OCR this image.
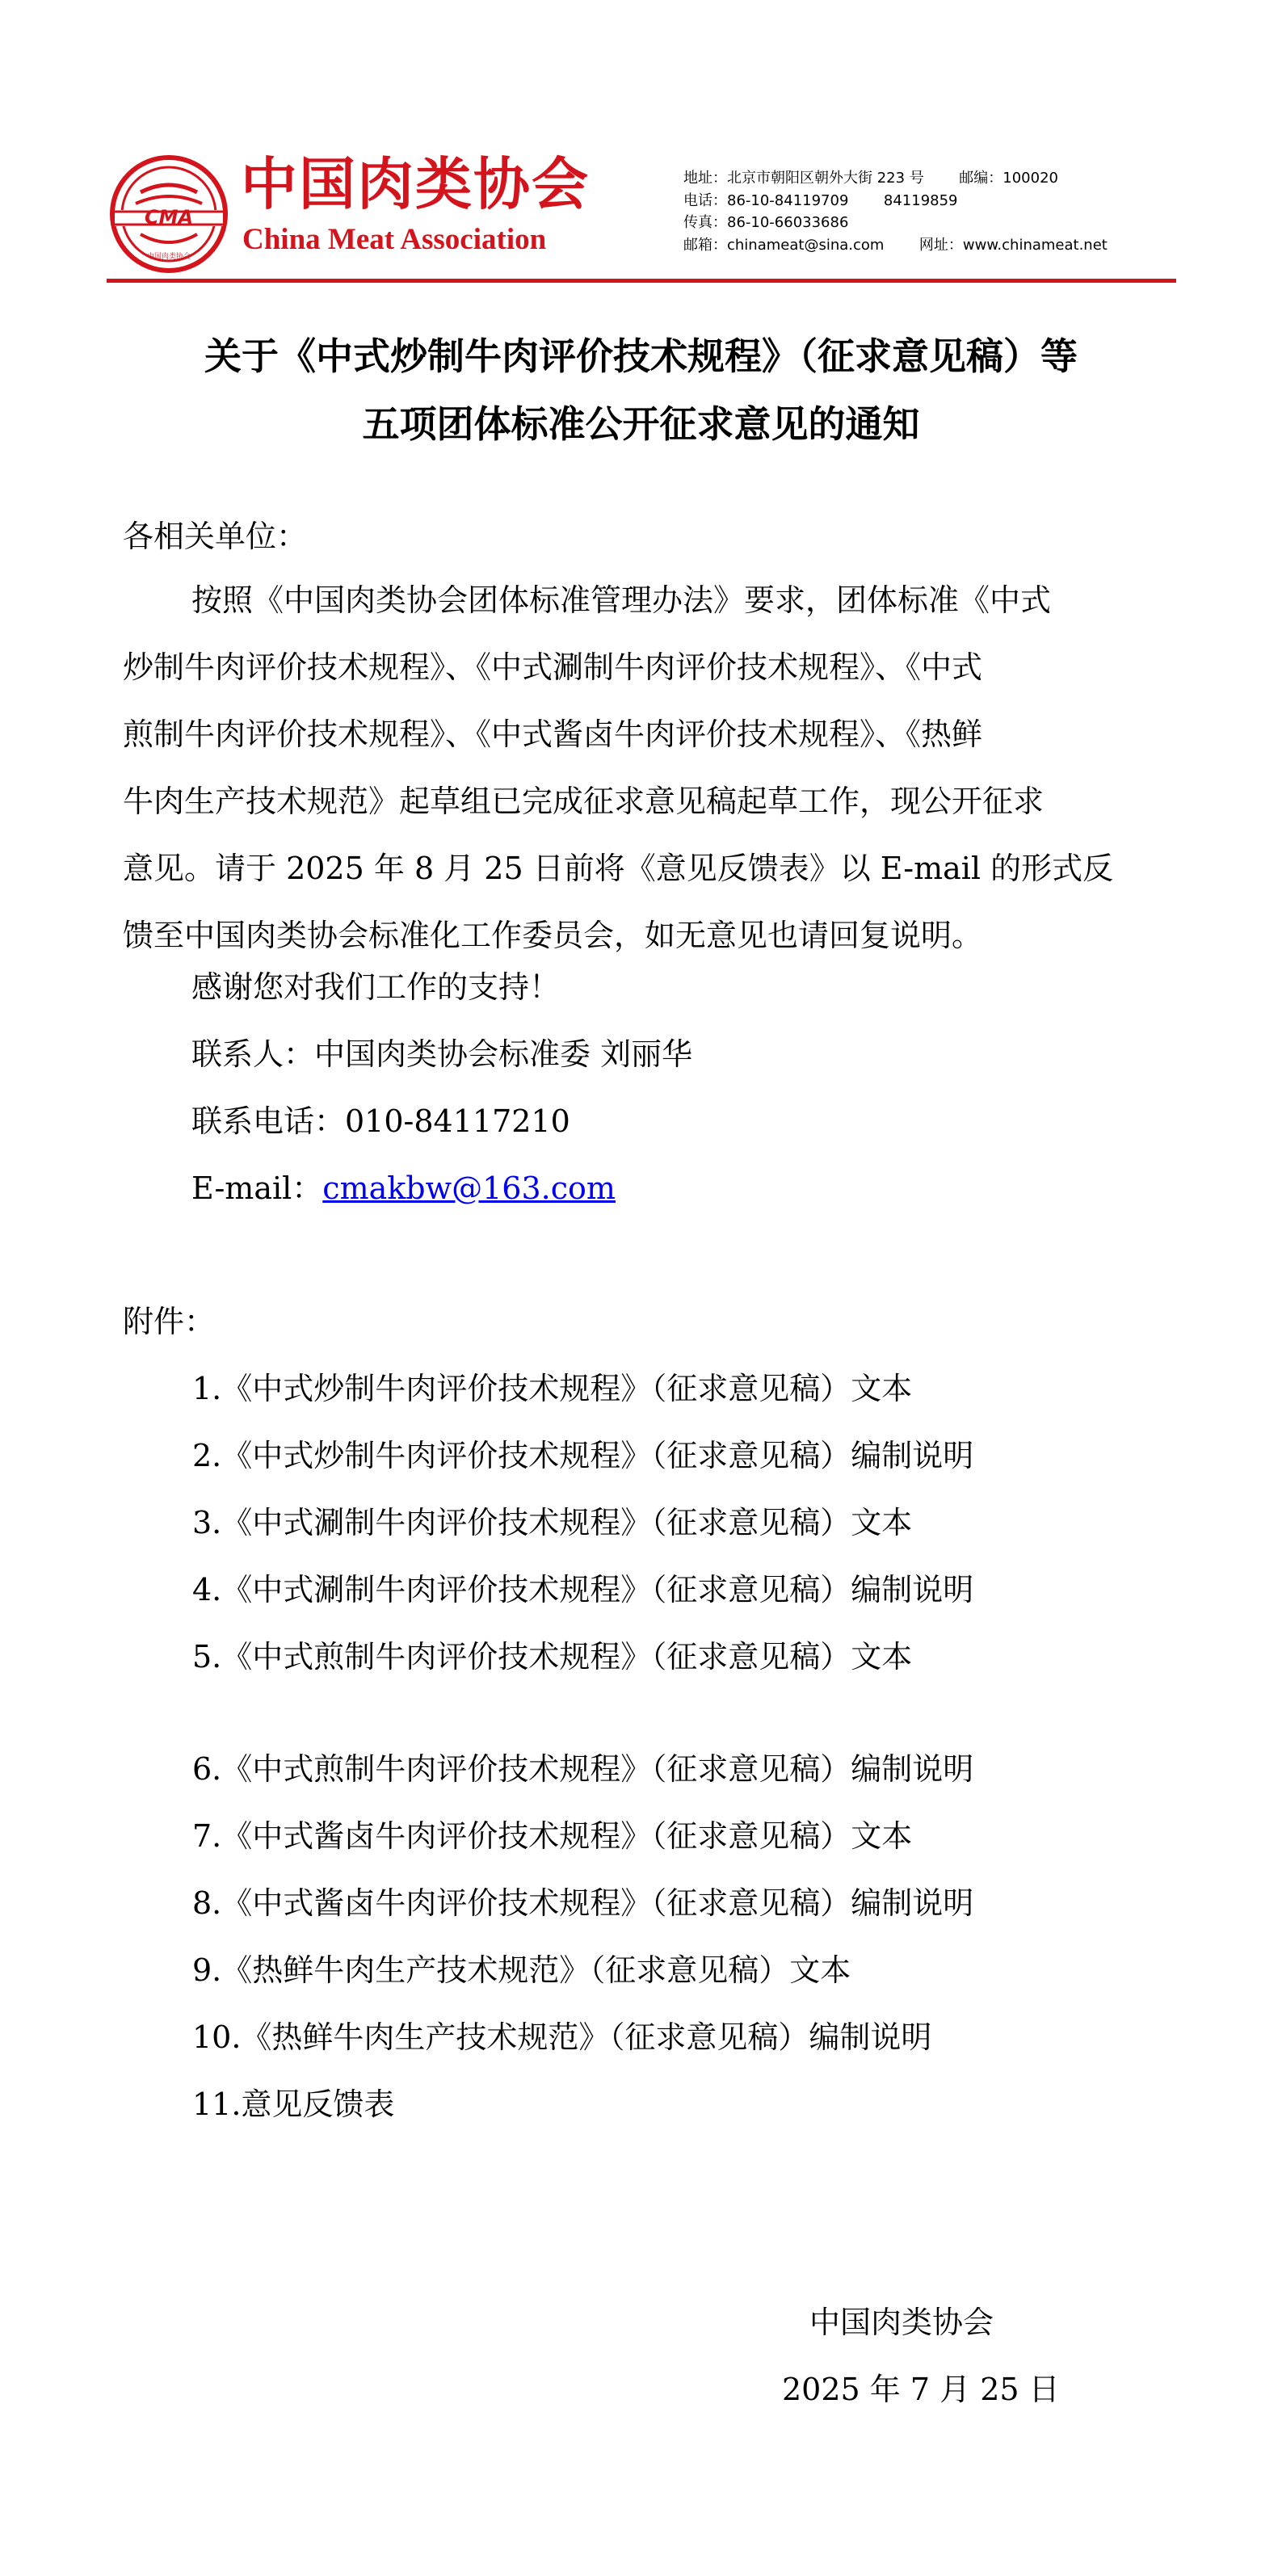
CMA
中国肉类协会
中国肉类协会
China Meat Association
地址：北京市朝阳区朝外大街 223 号 邮编：100020
电话：86-10-84119709 84119859
传真：86-10-66033686
邮箱：chinameat@sina.com 网址：www.chinameat.net
关于《中式炒制牛肉评价技术规程》（征求意见稿）等
五项团体标准公开征求意见的通知
各相关单位：
按照《中国肉类协会团体标准管理办法》要求，团体标准《中式
炒制牛肉评价技术规程》、《中式涮制牛肉评价技术规程》、《中式
煎制牛肉评价技术规程》、《中式酱卤牛肉评价技术规程》、《热鲜
牛肉生产技术规范》起草组已完成征求意见稿起草工作，现公开征求
意见。请于 2025 年 8 月 25 日前将《意见反馈表》以 E-mail 的形式反
馈至中国肉类协会标准化工作委员会，如无意见也请回复说明。
感谢您对我们工作的支持！
联系人：中国肉类协会标准委 刘丽华
联系电话：010-84117210
E-mail：cmakbw@163.com
附件：
1.《中式炒制牛肉评价技术规程》（征求意见稿）文本
2.《中式炒制牛肉评价技术规程》（征求意见稿）编制说明
3.《中式涮制牛肉评价技术规程》（征求意见稿）文本
4.《中式涮制牛肉评价技术规程》（征求意见稿）编制说明
5.《中式煎制牛肉评价技术规程》（征求意见稿）文本
6.《中式煎制牛肉评价技术规程》（征求意见稿）编制说明
7.《中式酱卤牛肉评价技术规程》（征求意见稿）文本
8.《中式酱卤牛肉评价技术规程》（征求意见稿）编制说明
9.《热鲜牛肉生产技术规范》（征求意见稿）文本
10.《热鲜牛肉生产技术规范》（征求意见稿）编制说明
11.意见反馈表
中国肉类协会
2025 年 7 月 25 日
